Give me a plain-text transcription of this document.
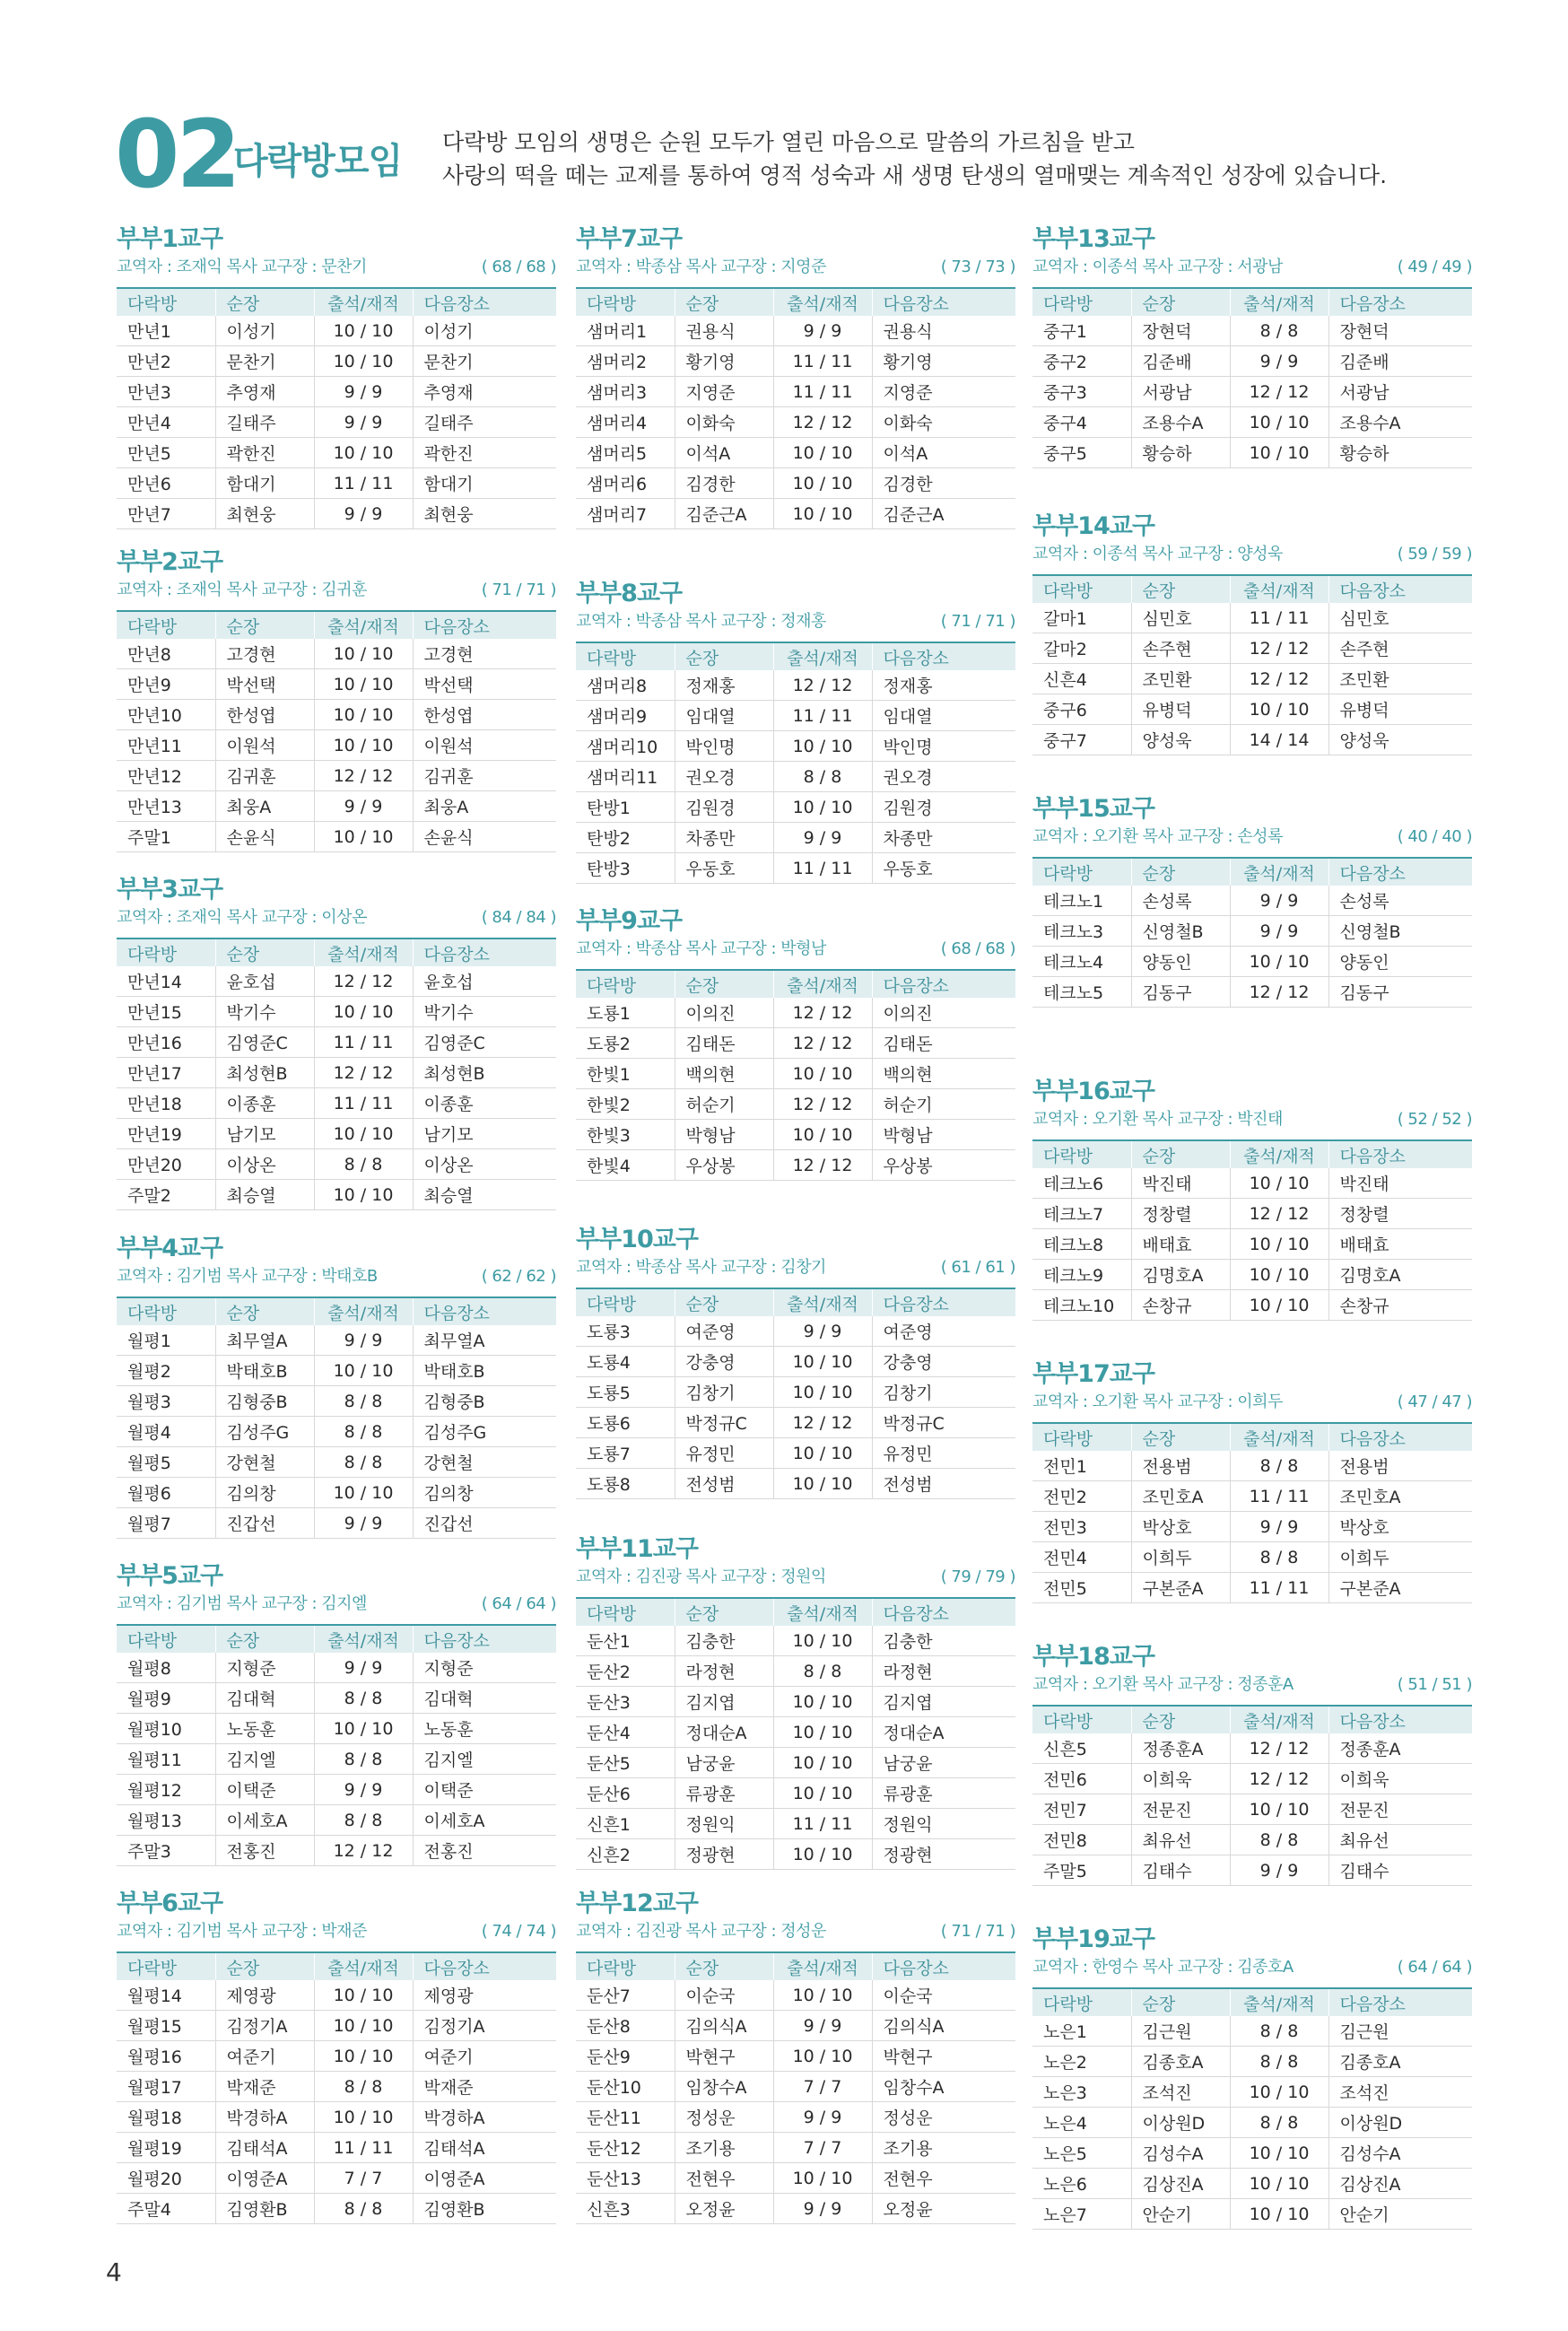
02
다락방모임 다락방 모임의 생명은 순원 모두가 열린 마음으로 말씀의 가르침을 받고
사랑의 떡을 떼는 교제를 통하여 영적 성숙과 새 생명 탄생의 열매맺는 계속적인 성장에 있습니다.
부부1교구
교역자 : 조재익 목사 교구장 : 문찬기	( 68 / 68 )
다락방	순장	출석/재적	다음장소
만년1	이성기	10 / 10	이성기
만년2	문찬기	10 / 10	문찬기
만년3	추영재	9 / 9	추영재
만년4	길태주	9 / 9	길태주
만년5	곽한진	10 / 10	곽한진
만년6	함대기	11 / 11	함대기
만년7	최현웅	9 / 9	최현웅
부부2교구
교역자 : 조재익 목사 교구장 : 김귀훈	( 71 / 71 )
다락방	순장	출석/재적	다음장소
만년8	고경현	10 / 10	고경현
만년9	박선택	10 / 10	박선택
만년10	한성엽	10 / 10	한성엽
만년11	이원석	10 / 10	이원석
만년12	김귀훈	12 / 12	김귀훈
만년13	최웅A	9 / 9	최웅A
주말1	손윤식	10 / 10	손윤식
부부3교구
교역자 : 조재익 목사 교구장 : 이상온	( 84 / 84 )
다락방	순장	출석/재적	다음장소
만년14	윤호섭	12 / 12	윤호섭
만년15	박기수	10 / 10	박기수
만년16	김영준C	11 / 11	김영준C
만년17	최성현B	12 / 12	최성현B
만년18	이종훈	11 / 11	이종훈
만년19	남기모	10 / 10	남기모
만년20	이상온	8 / 8	이상온
주말2	최승열	10 / 10	최승열
부부4교구
교역자 : 김기범 목사 교구장 : 박태호B	( 62 / 62 )
다락방	순장	출석/재적	다음장소
월평1	최무열A	9 / 9	최무열A
월평2	박태호B	10 / 10	박태호B
월평3	김형중B	8 / 8	김형중B
월평4	김성주G	8 / 8	김성주G
월평5	강현철	8 / 8	강현철
월평6	김의창	10 / 10	김의창
월평7	진갑선	9 / 9	진갑선
부부5교구
교역자 : 김기범 목사 교구장 : 김지엘	( 64 / 64 )
다락방	순장	출석/재적	다음장소
월평8	지형준	9 / 9	지형준
월평9	김대혁	8 / 8	김대혁
월평10	노동훈	10 / 10	노동훈
월평11	김지엘	8 / 8	김지엘
월평12	이택준	9 / 9	이택준
월평13	이세호A	8 / 8	이세호A
주말3	전홍진	12 / 12	전홍진
부부6교구
교역자 : 김기범 목사 교구장 : 박재준	( 74 / 74 )
다락방	순장	출석/재적	다음장소
월평14	제영광	10 / 10	제영광
월평15	김정기A	10 / 10	김정기A
월평16	여준기	10 / 10	여준기
월평17	박재준	8 / 8	박재준
월평18	박경하A	10 / 10	박경하A
월평19	김태석A	11 / 11	김태석A
월평20	이영준A	7 / 7	이영준A
주말4	김영환B	8 / 8	김영환B
부부7교구
교역자 : 박종삼 목사 교구장 : 지영준	( 73 / 73 )
다락방	순장	출석/재적	다음장소
샘머리1	권용식	9 / 9	권용식
샘머리2	황기영	11 / 11	황기영
샘머리3	지영준	11 / 11	지영준
샘머리4	이화숙	12 / 12	이화숙
샘머리5	이석A	10 / 10	이석A
샘머리6	김경한	10 / 10	김경한
샘머리7	김준근A	10 / 10	김준근A
부부8교구
교역자 : 박종삼 목사 교구장 : 정재홍	( 71 / 71 )
다락방	순장	출석/재적	다음장소
샘머리8	정재홍	12 / 12	정재홍
샘머리9	임대열	11 / 11	임대열
샘머리10	박인명	10 / 10	박인명
샘머리11	권오경	8 / 8	권오경
탄방1	김원경	10 / 10	김원경
탄방2	차종만	9 / 9	차종만
탄방3	우동호	11 / 11	우동호
부부9교구
교역자 : 박종삼 목사 교구장 : 박형남	( 68 / 68 )
다락방	순장	출석/재적	다음장소
도룡1	이의진	12 / 12	이의진
도룡2	김태돈	12 / 12	김태돈
한빛1	백의현	10 / 10	백의현
한빛2	허순기	12 / 12	허순기
한빛3	박형남	10 / 10	박형남
한빛4	우상봉	12 / 12	우상봉
부부10교구
교역자 : 박종삼 목사 교구장 : 김창기	( 61 / 61 )
다락방	순장	출석/재적	다음장소
도룡3	여준영	9 / 9	여준영
도룡4	강충영	10 / 10	강충영
도룡5	김창기	10 / 10	김창기
도룡6	박정규C	12 / 12	박정규C
도룡7	유정민	10 / 10	유정민
도룡8	전성범	10 / 10	전성범
부부11교구
교역자 : 김진광 목사 교구장 : 정원익	( 79 / 79 )
다락방	순장	출석/재적	다음장소
둔산1	김충한	10 / 10	김충한
둔산2	라정현	8 / 8	라정현
둔산3	김지엽	10 / 10	김지엽
둔산4	정대순A	10 / 10	정대순A
둔산5	남궁윤	10 / 10	남궁윤
둔산6	류광훈	10 / 10	류광훈
신흔1	정원익	11 / 11	정원익
신흔2	정광현	10 / 10	정광현
부부12교구
교역자 : 김진광 목사 교구장 : 정성운	( 71 / 71 )
다락방	순장	출석/재적	다음장소
둔산7	이순국	10 / 10	이순국
둔산8	김의식A	9 / 9	김의식A
둔산9	박현구	10 / 10	박현구
둔산10	임창수A	7 / 7	임창수A
둔산11	정성운	9 / 9	정성운
둔산12	조기용	7 / 7	조기용
둔산13	전현우	10 / 10	전현우
신흔3	오정윤	9 / 9	오정윤
부부13교구
교역자 : 이종석 목사 교구장 : 서광남	( 49 / 49 )
다락방	순장	출석/재적	다음장소
중구1	장현덕	8 / 8	장현덕
중구2	김준배	9 / 9	김준배
중구3	서광남	12 / 12	서광남
중구4	조용수A	10 / 10	조용수A
중구5	황승하	10 / 10	황승하
부부14교구
교역자 : 이종석 목사 교구장 : 양성욱	( 59 / 59 )
다락방	순장	출석/재적	다음장소
갈마1	심민호	11 / 11	심민호
갈마2	손주현	12 / 12	손주현
신흔4	조민환	12 / 12	조민환
중구6	유병덕	10 / 10	유병덕
중구7	양성욱	14 / 14	양성욱
부부15교구
교역자 : 오기환 목사 교구장 : 손성록	( 40 / 40 )
다락방	순장	출석/재적	다음장소
테크노1	손성록	9 / 9	손성록
테크노3	신영철B	9 / 9	신영철B
테크노4	양동인	10 / 10	양동인
테크노5	김동구	12 / 12	김동구
부부16교구
교역자 : 오기환 목사 교구장 : 박진태	( 52 / 52 )
다락방	순장	출석/재적	다음장소
테크노6	박진태	10 / 10	박진태
테크노7	정창렬	12 / 12	정창렬
테크노8	배태효	10 / 10	배태효
테크노9	김명호A	10 / 10	김명호A
테크노10	손창규	10 / 10	손창규
부부17교구
교역자 : 오기환 목사 교구장 : 이희두	( 47 / 47 )
다락방	순장	출석/재적	다음장소
전민1	전용범	8 / 8	전용범
전민2	조민호A	11 / 11	조민호A
전민3	박상호	9 / 9	박상호
전민4	이희두	8 / 8	이희두
전민5	구본준A	11 / 11	구본준A
부부18교구
교역자 : 오기환 목사 교구장 : 정종훈A	( 51 / 51 )
다락방	순장	출석/재적	다음장소
신흔5	정종훈A	12 / 12	정종훈A
전민6	이희욱	12 / 12	이희욱
전민7	전문진	10 / 10	전문진
전민8	최유선	8 / 8	최유선
주말5	김태수	9 / 9	김태수
부부19교구
교역자 : 한영수 목사 교구장 : 김종호A	( 64 / 64 )
다락방	순장	출석/재적	다음장소
노은1	김근원	8 / 8	김근원
노은2	김종호A	8 / 8	김종호A
노은3	조석진	10 / 10	조석진
노은4	이상원D	8 / 8	이상원D
노은5	김성수A	10 / 10	김성수A
노은6	김상진A	10 / 10	김상진A
노은7	안순기	10 / 10	안순기
4
